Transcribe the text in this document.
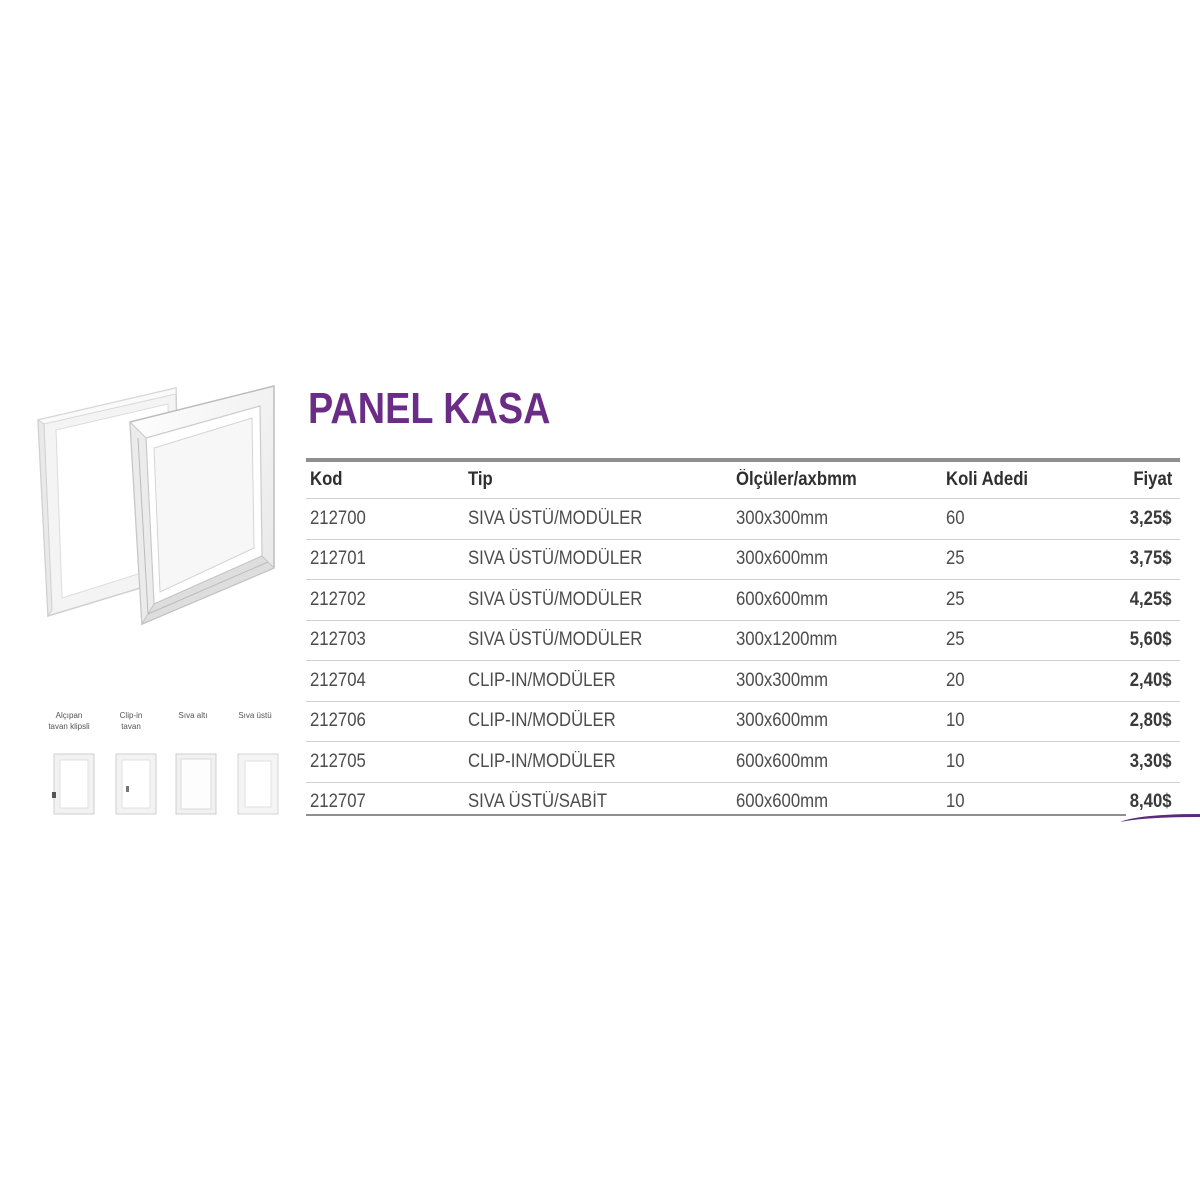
Alçıpan
tavan klipsli
Clip-in
tavan
Sıva altı	Sıva üstü

PANEL KASA
Kod	Tip	Ölçüler/axbmm	Koli Adedi	Fiyat
212700	SIVA ÜSTÜ/MODÜLER	300x300mm	60	3,25$
212701	SIVA ÜSTÜ/MODÜLER	300x600mm	25	3,75$
212702	SIVA ÜSTÜ/MODÜLER	600x600mm	25	4,25$
212703	SIVA ÜSTÜ/MODÜLER	300x1200mm	25	5,60$
212704	CLIP-IN/MODÜLER	300x300mm	20	2,40$
212706	CLIP-IN/MODÜLER	300x600mm	10	2,80$
212705	CLIP-IN/MODÜLER	600x600mm	10	3,30$
212707	SIVA ÜSTÜ/SABİT	600x600mm	10	8,40$
